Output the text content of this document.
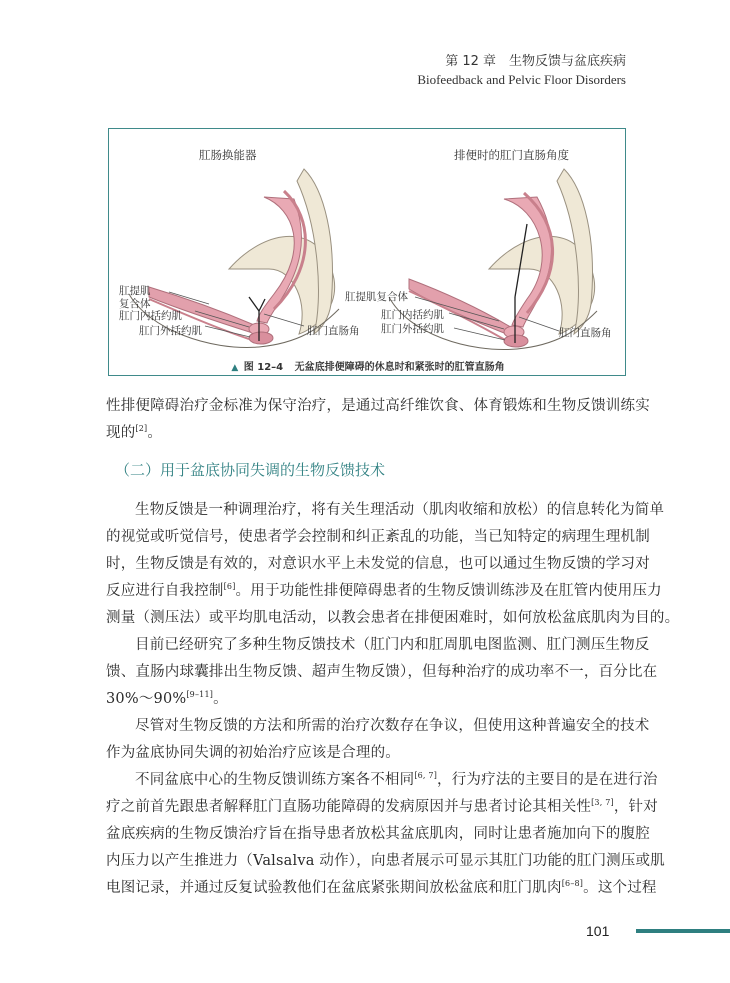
第 12 章　生物反馈与盆底疾病
Biofeedback and Pelvic Floor Disorders
肛肠换能器	排便时的肛门直肠角度
肛提肌
复合体
肛门内括约肌
肛门外括约肌	肛门直肠角
肛提肌复合体
肛门内括约肌
肛门外括约肌	肛门直肠角
▲ 图 12–4 无盆底排便障碍的休息时和紧张时的肛管直肠角
性排便障碍治疗金标准为保守治疗，是通过高纤维饮食、体育锻炼和生物反馈训练实
现的[2]。
（二）用于盆底协同失调的生物反馈技术
生物反馈是一种调理治疗，将有关生理活动（肌肉收缩和放松）的信息转化为简单
的视觉或听觉信号，使患者学会控制和纠正紊乱的功能，当已知特定的病理生理机制
时，生物反馈是有效的，对意识水平上未发觉的信息，也可以通过生物反馈的学习对
反应进行自我控制[6]。用于功能性排便障碍患者的生物反馈训练涉及在肛管内使用压力
测量（测压法）或平均肌电活动，以教会患者在排便困难时，如何放松盆底肌肉为目的。
目前已经研究了多种生物反馈技术（肛门内和肛周肌电图监测、肛门测压生物反
馈、直肠内球囊排出生物反馈、超声生物反馈），但每种治疗的成功率不一，百分比在
30%～90%[9–11]。
尽管对生物反馈的方法和所需的治疗次数存在争议，但使用这种普遍安全的技术
作为盆底协同失调的初始治疗应该是合理的。
不同盆底中心的生物反馈训练方案各不相同[6, 7]，行为疗法的主要目的是在进行治
疗之前首先跟患者解释肛门直肠功能障碍的发病原因并与患者讨论其相关性[3, 7]，针对
盆底疾病的生物反馈治疗旨在指导患者放松其盆底肌肉，同时让患者施加向下的腹腔
内压力以产生推进力（Valsalva 动作），向患者展示可显示其肛门功能的肛门测压或肌
电图记录，并通过反复试验教他们在盆底紧张期间放松盆底和肛门肌肉[6–8]。这个过程
101
